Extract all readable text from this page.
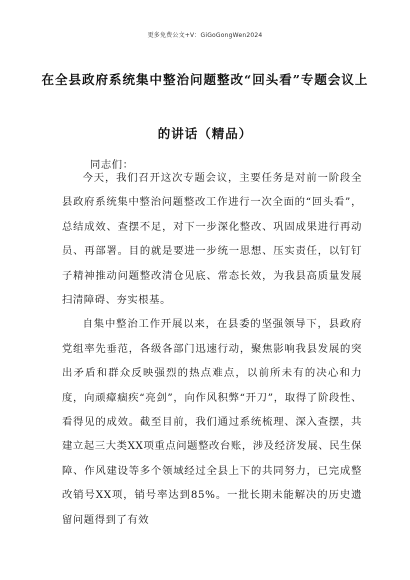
更多免费公文+V：GiGoGongWen2024
在全县政府系统集中整治问题整改“回头看”专题会议上
的讲话（精品）
同志们：

今天，我们召开这次专题会议，主要任务是对前一阶段全县政府系统集中整治问题整改工作进行一次全面的“回头看”，总结成效、查摆不足，对下一步深化整改、巩固成果进行再动员、再部署。目的就是要进一步统一思想、压实责任，以钉钉子精神推动问题整改清仓见底、常态长效，为我县高质量发展扫清障碍、夯实根基。

自集中整治工作开展以来，在县委的坚强领导下，县政府党组率先垂范，各级各部门迅速行动，聚焦影响我县发展的突出矛盾和群众反映强烈的热点难点，以前所未有的决心和力度，向顽瘴痼疾“亮剑”，向作风积弊“开刀”，取得了阶段性、看得见的成效。截至目前，我们通过系统梳理、深入查摆，共建立起三大类XX项重点问题整改台账，涉及经济发展、民生保障、作风建设等多个领域经过全县上下的共同努力，已完成整改销号XX项，销号率达到85%。一批长期未能解决的历史遗留问题得到了有效
